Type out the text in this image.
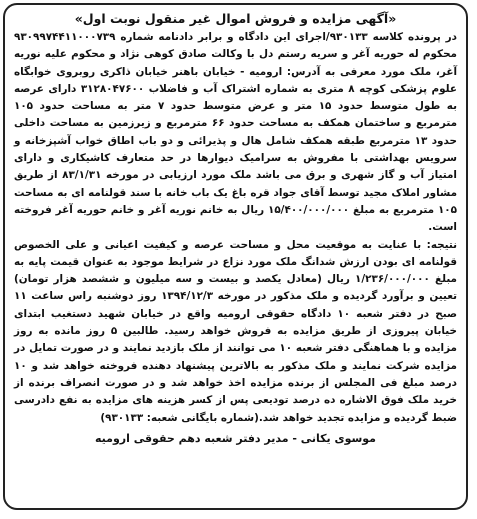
«آگهی مزایده و فروش اموال غیر منقول نوبت اول»

در پرونده کلاسه ۹۳۰۱۳۳/اجرای این دادگاه و برابر دادنامه شماره ۹۳۰۹۹۷۴۴۱۱۰۰۰۷۳۹ محکوم له حوریه آغر و سریه رستم دل با وکالت صادق کوهی نژاد و محکوم علیه نوریه آغر، ملک مورد معرفی به آدرس: ارومیه - خیابان باهنر خیابان ذاکری روبروی خوابگاه علوم پزشکی کوچه ۸ متری به شماره اشتراک آب و فاضلاب ۳۱۲۸۰۴۷۶۰۰ دارای عرصه به طول متوسط حدود ۱۵ متر و عرض متوسط حدود ۷ متر به مساحت حدود ۱۰۵ مترمربع و ساختمان همکف به مساحت حدود ۶۶ مترمربع و زیرزمین به مساحت داخلی حدود ۱۳ مترمربع طبقه همکف شامل هال و پذیرائی و دو باب اطاق خواب آشپزخانه و سرویس بهداشتی با مفروش به سرامیک دیوارها در حد متعارف کاشیکاری و دارای امتیاز آب و گاز شهری و برق می باشد ملک مورد ارزیابی در مورخه ۸۳/۱/۳۱ از طریق مشاور املاک مجید توسط آقای جواد قره باغ یک باب خانه با سند قولنامه ای به مساحت ۱۰۵ مترمربع به مبلغ ۱۵/۴۰۰/۰۰۰/۰۰۰ ریال به خانم نوریه آغر و خانم حوریه آغر فروخته است.

نتیجه: با عنایت به موقعیت محل و مساحت عرصه و کیفیت اعیانی و علی الخصوص قولنامه ای بودن ارزش شدانگ ملک مورد نزاع در شرایط موجود به عنوان قیمت پایه به مبلغ ۱/۲۳۶/۰۰۰/۰۰۰ ریال (معادل یکصد و بیست و سه میلیون و ششصد هزار تومان) تعیین و برآورد گردیده و ملک مذکور در مورخه ۱۳۹۴/۱۲/۳ روز دوشنبه راس ساعت ۱۱ صبح در دفتر شعبه ۱۰ دادگاه حقوقی ارومیه واقع در خیابان شهید دستغیب ابتدای خیابان پیروزی از طریق مزایده به فروش خواهد رسید. طالبین ۵ روز مانده به روز مزایده و با هماهنگی دفتر شعبه ۱۰ می توانند از ملک بازدید نمایند و در صورت تمایل در مزایده شرکت نمایند و ملک مذکور به بالاترین پیشنهاد دهنده فروخته خواهد شد و ۱۰ درصد مبلغ فی المجلس از برنده مزایده اخذ خواهد شد و در صورت انصراف برنده از خرید ملک فوق الاشاره ده درصد تودیعی پس از کسر هزینه های مزایده به نفع دادرسی ضبط گردیده و مزایده تجدید خواهد شد.(شماره بایگانی شعبه: ۹۳۰۱۳۳)

موسوی یکانی - مدیر دفتر شعبه دهم حقوقی ارومیه
